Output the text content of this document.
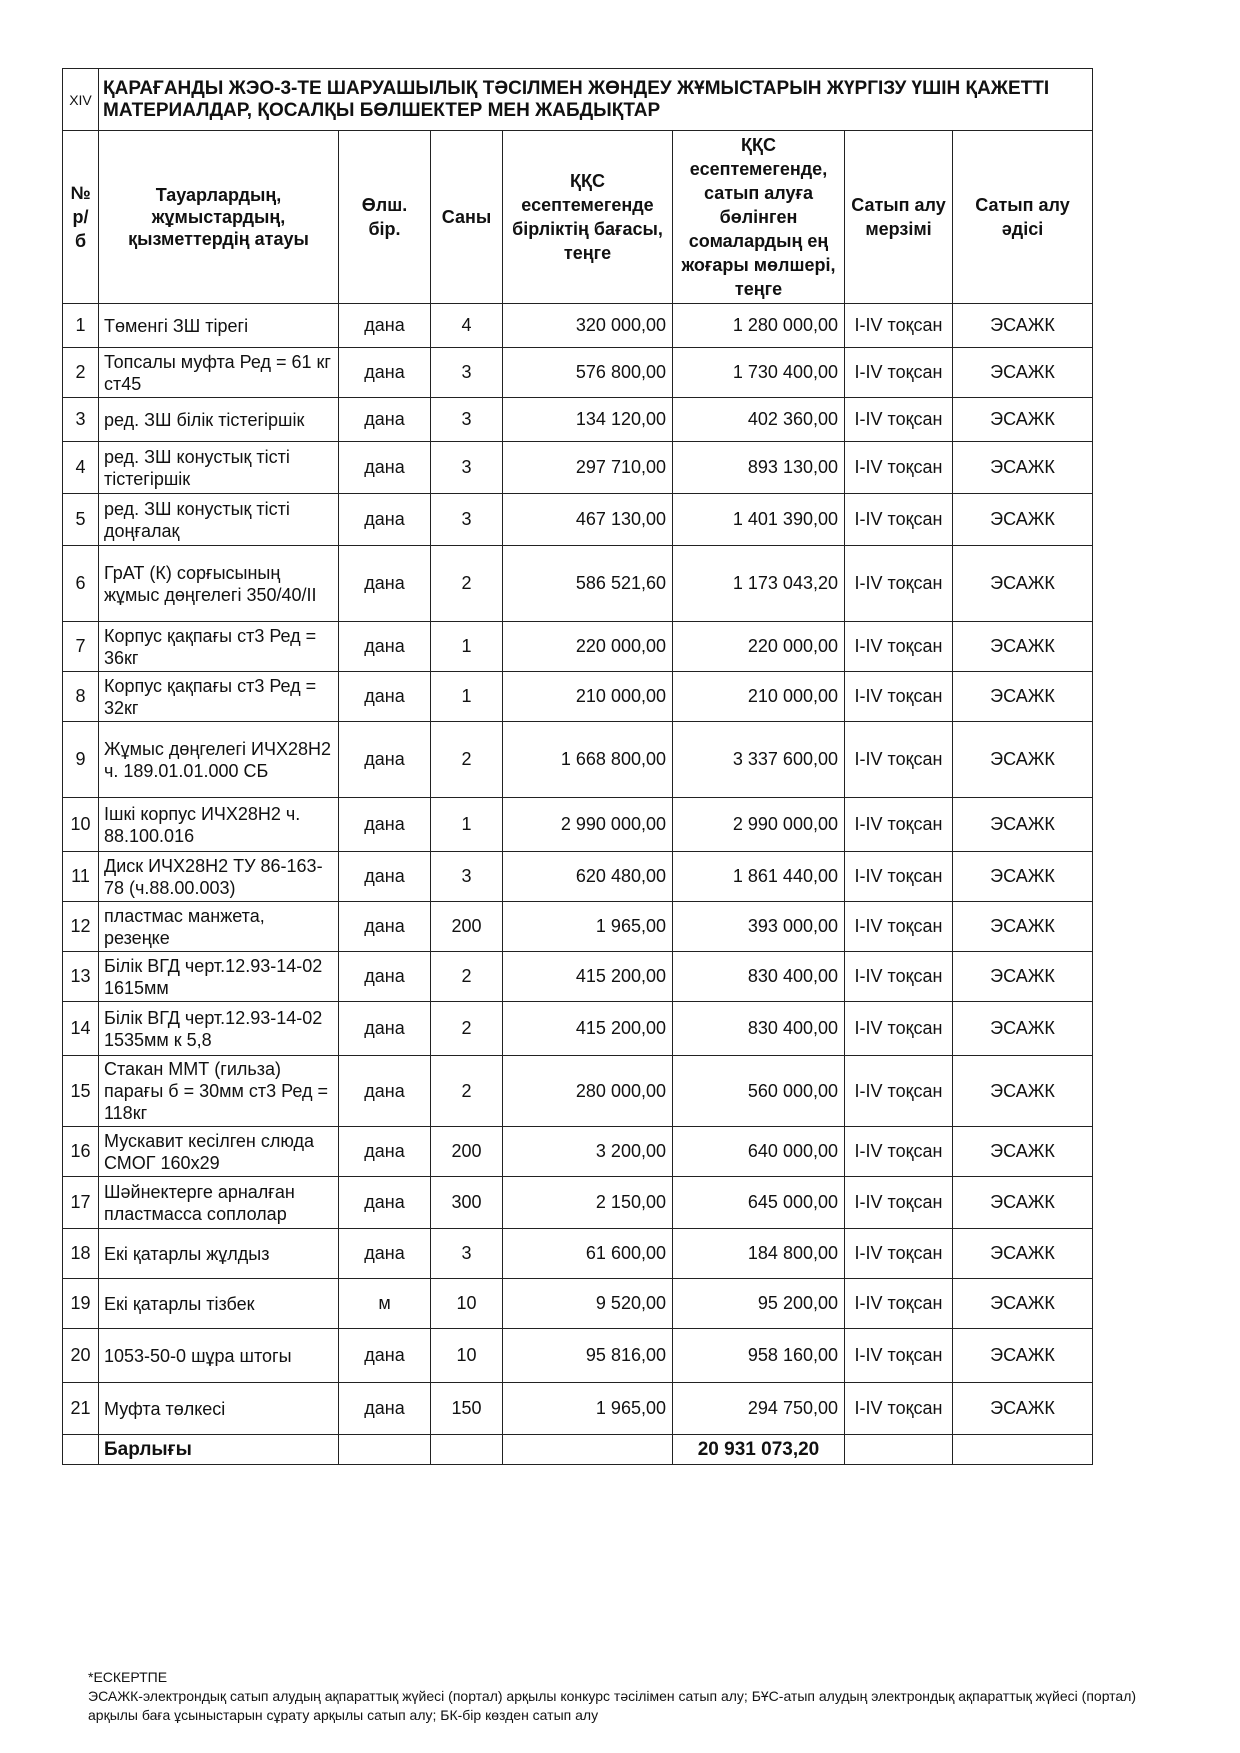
XIV	ҚАРАҒАНДЫ ЖЭО-3-ТЕ ШАРУАШЫЛЫҚ ТӘСІЛМЕН ЖӨНДЕУ ЖҰМЫСТАРЫН ЖҮРГІЗУ ҮШІН ҚАЖЕТТІ МАТЕРИАЛДАР, ҚОСАЛҚЫ БӨЛШЕКТЕР МЕН ЖАБДЫҚТАР						
№ р/б	Тауарлардың, жұмыстардың, қызметтердің атауы	Өлш. бір.	Саны	ҚҚС есептемегенде бірліктің бағасы, теңге	ҚҚС есептемегенде, сатып алуға бөлінген сомалардың ең жоғары мөлшері, теңге	Сатып алу мерзімі	Сатып алу әдісі
1	Төменгі ЗШ тірегі	дана	4	320 000,00	1 280 000,00	I-IV тоқсан	ЭСАЖК
2	Топсалы муфта Ред = 61 кг ст45	дана	3	576 800,00	1 730 400,00	I-IV тоқсан	ЭСАЖК
3	ред. ЗШ білік тістегіршік	дана	3	134 120,00	402 360,00	I-IV тоқсан	ЭСАЖК
4	ред. ЗШ конустық тісті тістегіршік	дана	3	297 710,00	893 130,00	I-IV тоқсан	ЭСАЖК
5	ред. ЗШ конустық тісті доңғалақ	дана	3	467 130,00	1 401 390,00	I-IV тоқсан	ЭСАЖК
6	ГрАТ (К) сорғысының жұмыс дөңгелегі 350/40/II	дана	2	586 521,60	1 173 043,20	I-IV тоқсан	ЭСАЖК
7	Корпус қақпағы ст3 Ред = 36кг	дана	1	220 000,00	220 000,00	I-IV тоқсан	ЭСАЖК
8	Корпус қақпағы ст3 Ред = 32кг	дана	1	210 000,00	210 000,00	I-IV тоқсан	ЭСАЖК
9	Жұмыс дөңгелегі ИЧХ28Н2 ч. 189.01.01.000 СБ	дана	2	1 668 800,00	3 337 600,00	I-IV тоқсан	ЭСАЖК
10	Ішкі корпус ИЧХ28Н2 ч. 88.100.016	дана	1	2 990 000,00	2 990 000,00	I-IV тоқсан	ЭСАЖК
11	Диск ИЧХ28Н2 ТУ 86-163-78 (ч.88.00.003)	дана	3	620 480,00	1 861 440,00	I-IV тоқсан	ЭСАЖК
12	пластмас манжета, резеңке	дана	200	1 965,00	393 000,00	I-IV тоқсан	ЭСАЖК
13	Білік ВГД черт.12.93-14-02 1615мм	дана	2	415 200,00	830 400,00	I-IV тоқсан	ЭСАЖК
14	Білік ВГД черт.12.93-14-02 1535мм к 5,8	дана	2	415 200,00	830 400,00	I-IV тоқсан	ЭСАЖК
15	Стакан ММТ (гильза) парағы б = 30мм ст3 Ред = 118кг	дана	2	280 000,00	560 000,00	I-IV тоқсан	ЭСАЖК
16	Мускавит кесілген слюда СМОГ 160х29	дана	200	3 200,00	640 000,00	I-IV тоқсан	ЭСАЖК
17	Шәйнектерге арналған пластмасса соплолар	дана	300	2 150,00	645 000,00	I-IV тоқсан	ЭСАЖК
18	Екі қатарлы жұлдыз	дана	3	61 600,00	184 800,00	I-IV тоқсан	ЭСАЖК
19	Екі қатарлы тізбек	м	10	9 520,00	95 200,00	I-IV тоқсан	ЭСАЖК
20	1053-50-0 шұра штогы	дана	10	95 816,00	958 160,00	I-IV тоқсан	ЭСАЖК
21	Муфта төлкесі	дана	150	1 965,00	294 750,00	I-IV тоқсан	ЭСАЖК
	Барлығы				20 931 073,20		
*ЕСКЕРТПЕ
ЭСАЖК-электрондық сатып алудың ақпараттық жүйесі (портал) арқылы конкурс тәсілімен сатып алу; БҰС-атып алудың электрондық ақпараттық жүйесі (портал) арқылы баға ұсыныстарын сұрату арқылы сатып алу; БК-бір көзден сатып алу
